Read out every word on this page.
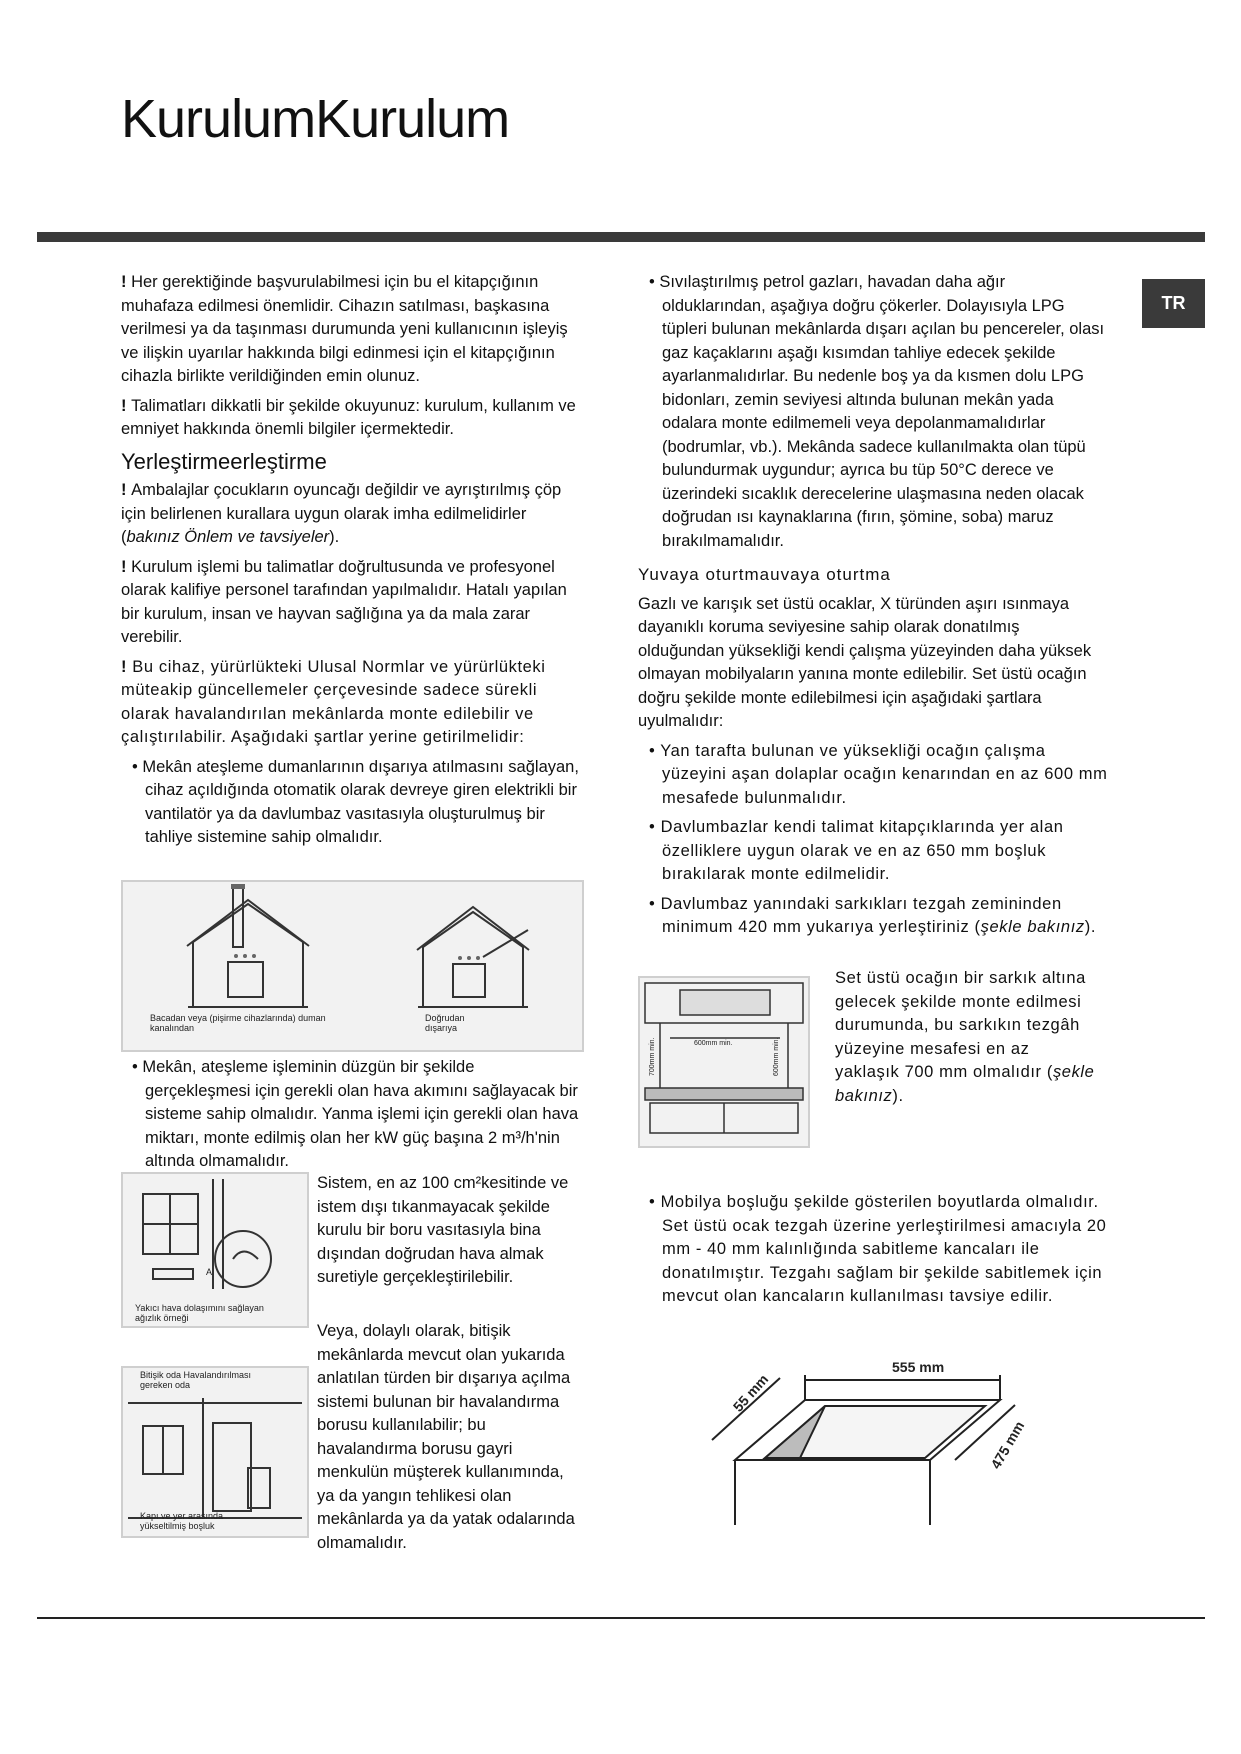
KurulumKurulum
TR

! Her gerektiğinde başvurulabilmesi için bu el kitapçığının muhafaza edilmesi önemlidir. Cihazın satılması, başkasına verilmesi ya da taşınması durumunda yeni kullanıcının işleyiş ve ilişkin uyarılar hakkında bilgi edinmesi için el kitapçığının cihazla birlikte verildiğinden emin olunuz.

! Talimatları dikkatli bir şekilde okuyunuz: kurulum, kullanım ve emniyet hakkında önemli bilgiler içermektedir.

Yerleştirmeerleştirme

! Ambalajlar çocukların oyuncağı değildir ve ayrıştırılmış çöp için belirlenen kurallara uygun olarak imha edilmelidirler (bakınız Önlem ve tavsiyeler).

! Kurulum işlemi bu talimatlar doğrultusunda ve profesyonel olarak kalifiye personel tarafından yapılmalıdır. Hatalı yapılan bir kurulum, insan ve hayvan sağlığına ya da mala zarar verebilir.

! Bu cihaz, yürürlükteki Ulusal Normlar ve yürürlükteki müteakip güncellemeler çerçevesinde sadece sürekli olarak havalandırılan mekânlarda monte edilebilir ve çalıştırılabilir. Aşağıdaki şartlar yerine getirilmelidir:

• Mekân ateşleme dumanlarının dışarıya atılmasını sağlayan, cihaz açıldığında otomatik olarak devreye giren elektrikli bir vantilatör ya da davlumbaz vasıtasıyla oluşturulmuş bir tahliye sistemine sahip olmalıdır.

Bacadan veya (pişirme cihazlarında) duman kanalından
Doğrudan dışarıya

• Mekân, ateşleme işleminin düzgün bir şekilde gerçekleşmesi için gerekli olan hava akımını sağlayacak bir sisteme sahip olmalıdır. Yanma işlemi için gerekli olan hava miktarı, monte edilmiş olan her kW güç başına 2 m³/h'nin altında olmamalıdır.

A
Yakıcı hava dolaşımını sağlayan ağızlık örneği
Sistem, en az 100 cm²kesitinde ve istem dışı tıkanmayacak şekilde kurulu bir boru vasıtasıyla bina dışından doğrudan hava almak suretiyle gerçekleştirilebilir.
Veya, dolaylı olarak, bitişik mekânlarda mevcut olan yukarıda anlatılan türden bir dışarıya açılma sistemi bulunan bir havalandırma borusu kullanılabilir; bu havalandırma borusu gayri menkulün müşterek kullanımında, ya da yangın tehlikesi olan mekânlarda ya da yatak odalarında olmamalıdır.
Bitişik oda Havalandırılması gereken oda
Kapı ve yer arasında yükseltilmiş boşluk

• Sıvılaştırılmış petrol gazları, havadan daha ağır olduklarından, aşağıya doğru çökerler. Dolayısıyla LPG tüpleri bulunan mekânlarda dışarı açılan bu pencereler, olası gaz kaçaklarını aşağı kısımdan tahliye edecek şekilde ayarlanmalıdırlar. Bu nedenle boş ya da kısmen dolu LPG bidonları, zemin seviyesi altında bulunan mekân yada odalara monte edilmemeli veya depolanmamalıdırlar (bodrumlar, vb.). Mekânda sadece kullanılmakta olan tüpü bulundurmak uygundur; ayrıca bu tüp 50°C derece ve üzerindeki sıcaklık derecelerine ulaşmasına neden olacak doğrudan ısı kaynaklarına (fırın, şömine, soba) maruz bırakılmamalıdır.

Yuvaya oturtmauvaya oturtma

Gazlı ve karışık set üstü ocaklar, X türünden aşırı ısınmaya dayanıklı koruma seviyesine sahip olarak donatılmış olduğundan yüksekliği kendi çalışma yüzeyinden daha yüksek olmayan mobilyaların yanına monte edilebilir. Set üstü ocağın doğru şekilde monte edilebilmesi için aşağıdaki şartlara uyulmalıdır:

• Yan tarafta bulunan ve yüksekliği ocağın çalışma yüzeyini aşan dolaplar ocağın kenarından en az 600 mm mesafede bulunmalıdır.

• Davlumbazlar kendi talimat kitapçıklarında yer alan özelliklere uygun olarak ve en az 650 mm boşluk bırakılarak monte edilmelidir.

• Davlumbaz yanındaki sarkıkları tezgah zemininden minimum 420 mm yukarıya yerleştiriniz (şekle bakınız).

600mm min.
700mm min.	600mm min.
Set üstü ocağın bir sarkık altına gelecek şekilde monte edilmesi durumunda, bu sarkıkın tezgâh yüzeyine mesafesi en az yaklaşık 700 mm olmalıdır (şekle bakınız).

• Mobilya boşluğu şekilde gösterilen boyutlarda olmalıdır. Set üstü ocak tezgah üzerine yerleştirilmesi amacıyla 20 mm - 40 mm kalınlığında sabitleme kancaları ile donatılmıştır. Tezgahı sağlam bir şekilde sabitlemek için mevcut olan kancaların kullanılması tavsiye edilir.

555 mm
55 mm
475 mm
